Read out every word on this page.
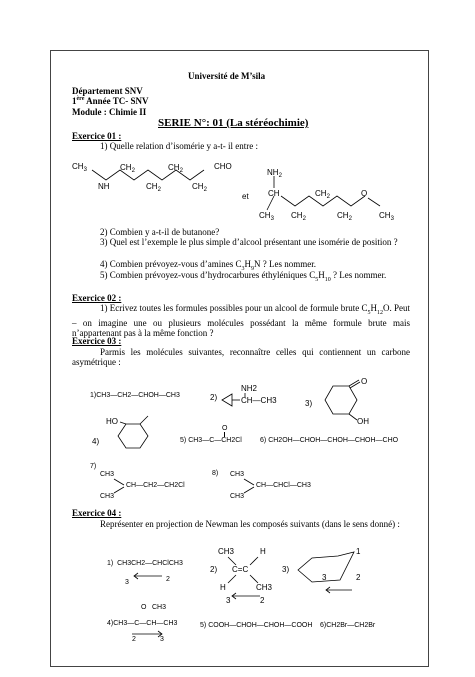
Université de M’sila
Département SNV
1ère Année TC- SNV
Module : Chimie II
SERIE N°: 01 (La stéréochimie)
Exercice 01 :
1) Quelle relation d’isomérie y a-t- il entre :
$CH_3$
NH
$CH_2$
$CH_2$
$CH_2$
$CH_2$
CHO
et
$NH_2$
CH
$CH_3$ $CH_2$
$CH_2$
$CH_2$
O
$CH_3$
2) Combien y a-t-il de butanone?
3) Quel est l’exemple le plus simple d’alcool présentant une isomérie de position ?
4) Combien prévoyez-vous d’amines $C_3H_9N$ ? Les nommer.
5) Combien prévoyez-vous d’hydrocarbures éthyléniques $C_5H_{10}$ ? Les nommer.
Exercice 02 :
1) Ecrivez toutes les formules possibles pour un alcool de formule brute $C_5H_{12}O$. Peut – on imagine une ou plusieurs molécules possédant la même formule brute mais n’appartenant pas à la même fonction ?
Exercice 03 :
Parmis les molécules suivantes, reconnaître celles qui contiennent un carbone asymétrique :
1)CH3—CH2—CHOH—CH3	2)
NH2
CH—CH3	3)
O
OH
4)
HO
5) CH3—C—CH2Cl
O
6) CH2OH—CHOH—CHOH—CHOH—CHO
7)
CH3
CH—CH2—CH2Cl
CH3
8) CH3
CH—CHCl—CH3
CH3
Exercice 04 :
Représenter en projection de Newman les composés suivants (dans le sens donné) :
1) CH3CH2—CHClCH3
3	2
2)
CH3	H
C=C
H	CH3
3	2
3)
1
2
3
4)CH3—C—CH—CH3
O CH3
2	3
5) COOH—CHOH—CHOH—COOH 6)CH2Br—CH2Br
